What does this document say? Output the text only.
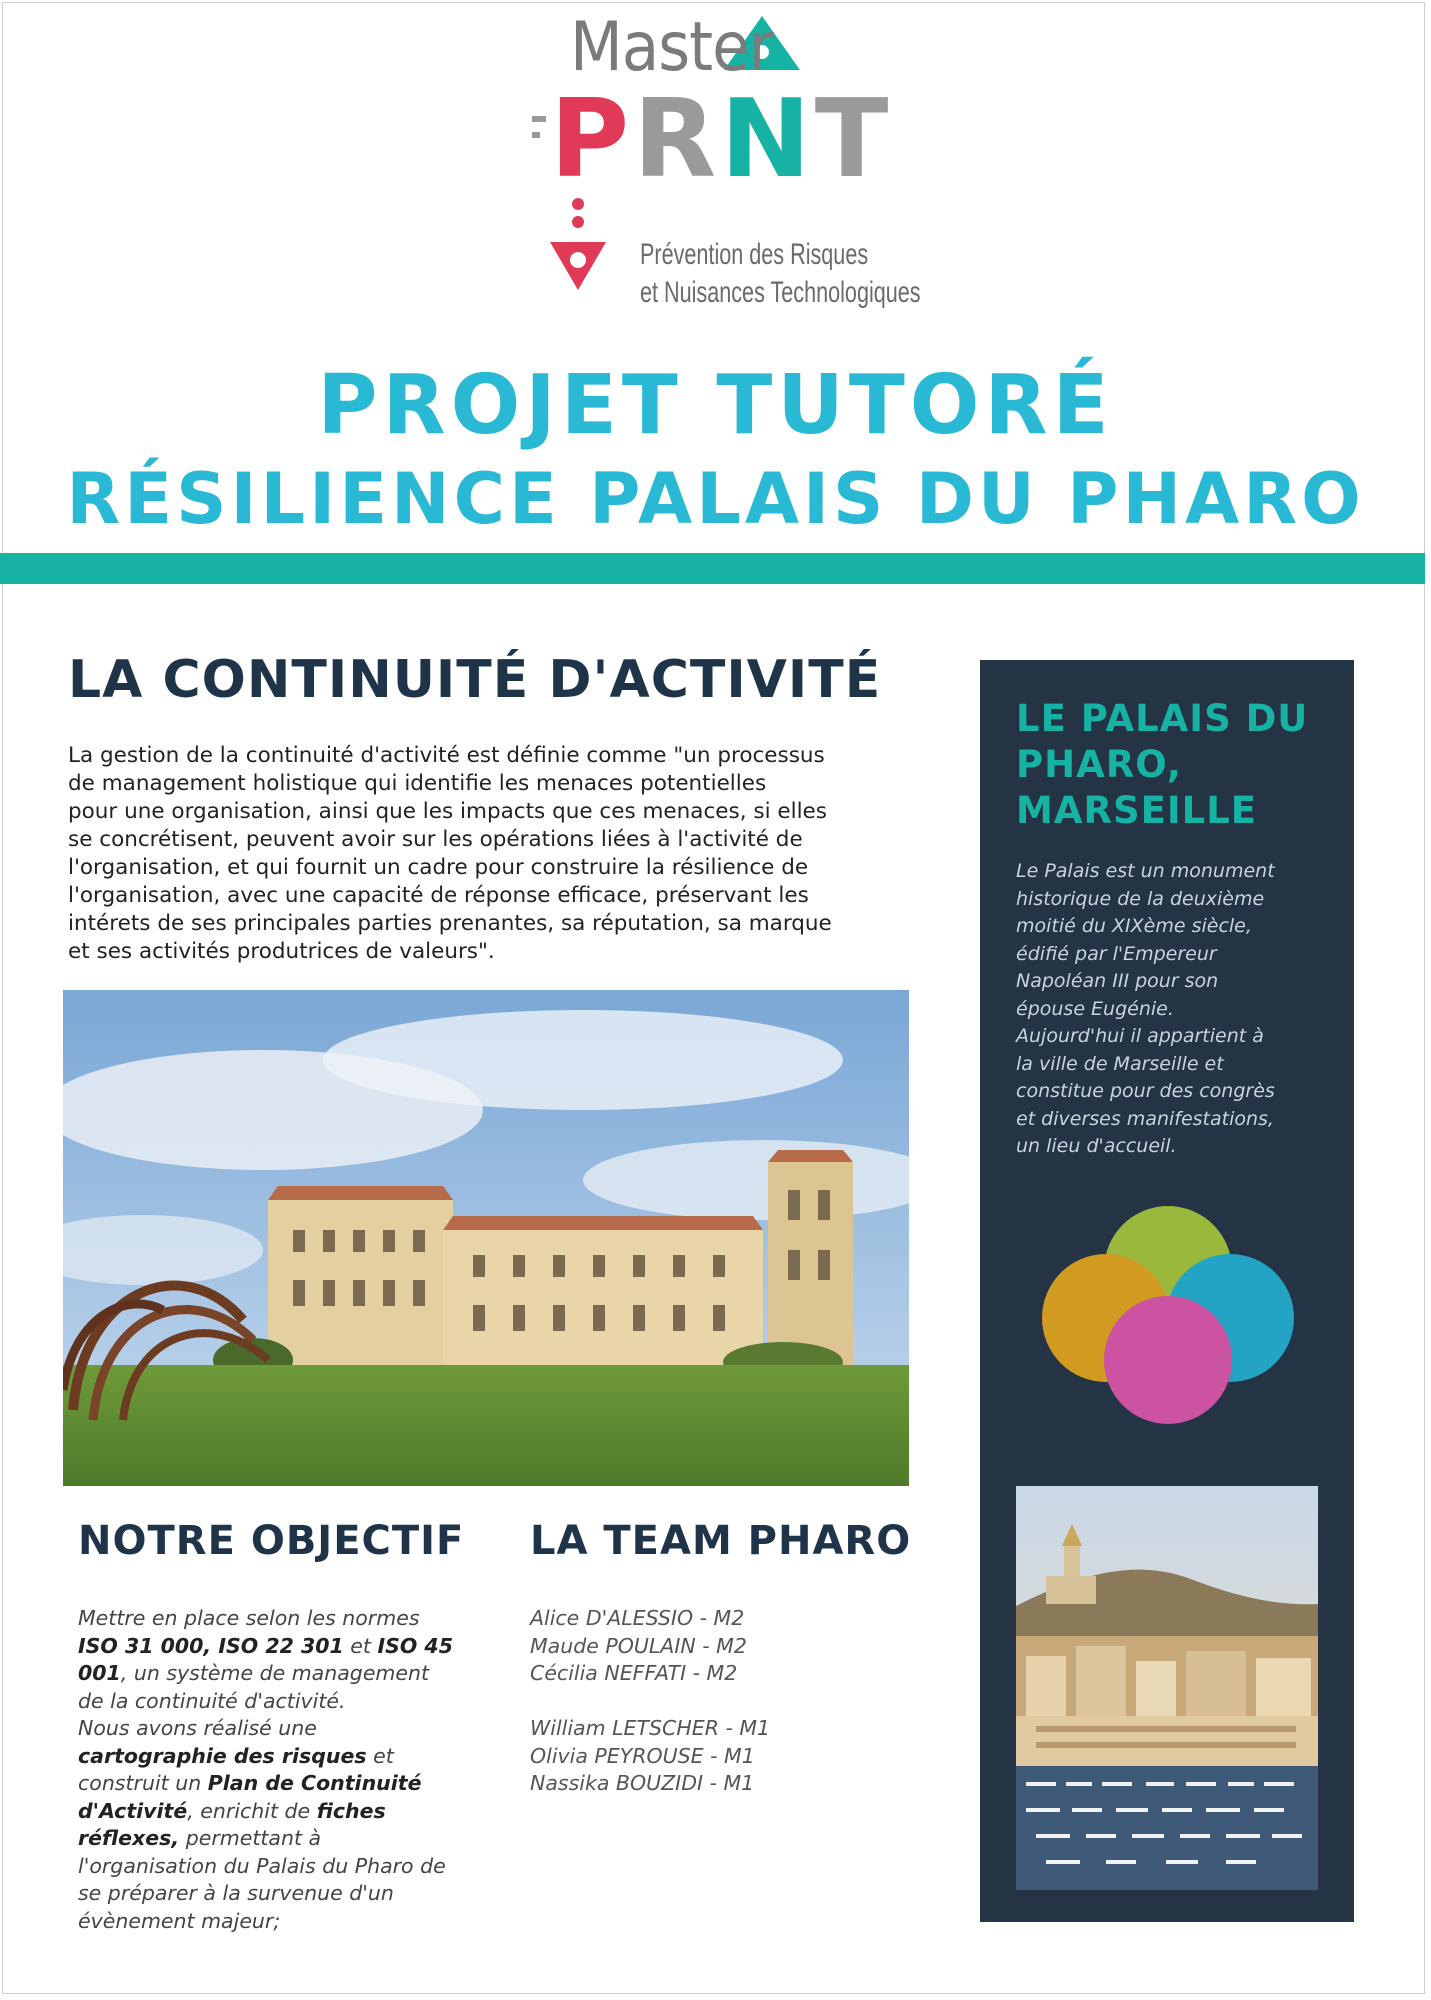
Master
PRNT
Prévention des Risques
et Nuisances Technologiques
PROJET TUTORÉ
RÉSILIENCE PALAIS DU PHARO
LA CONTINUITÉ D'ACTIVITÉ
La gestion de la continuité d'activité est définie comme "un processus
de management holistique qui identifie les menaces potentielles
pour une organisation, ainsi que les impacts que ces menaces, si elles
se concrétisent, peuvent avoir sur les opérations liées à l'activité de
l'organisation, et qui fournit un cadre pour construire la résilience de
l'organisation, avec une capacité de réponse efficace, préservant les
intérets de ses principales parties prenantes, sa réputation, sa marque
et ses activités produtrices de valeurs".
NOTRE OBJECTIF
Mettre en place selon les normes ISO 31 000, ISO 22 301 et ISO 45 001, un système de management de la continuité d'activité.
Nous avons réalisé une cartographie des risques et construit un Plan de Continuité d'Activité, enrichit de fiches réflexes, permettant à l'organisation du Palais du Pharo de se préparer à la survenue d'un évènement majeur;
LA TEAM PHARO
Alice D'ALESSIO - M2
Maude POULAIN - M2
Cécilia NEFFATI - M2
William LETSCHER - M1
Olivia PEYROUSE - M1
Nassika BOUZIDI - M1
LE PALAIS DU
PHARO,
MARSEILLE
Le Palais est un monument
historique de la deuxième
moitié du XIXème siècle,
édifié par l'Empereur
Napoléan III pour son
épouse Eugénie.
Aujourd'hui il appartient à
la ville de Marseille et
constitue pour des congrès
et diverses manifestations,
un lieu d'accueil.
